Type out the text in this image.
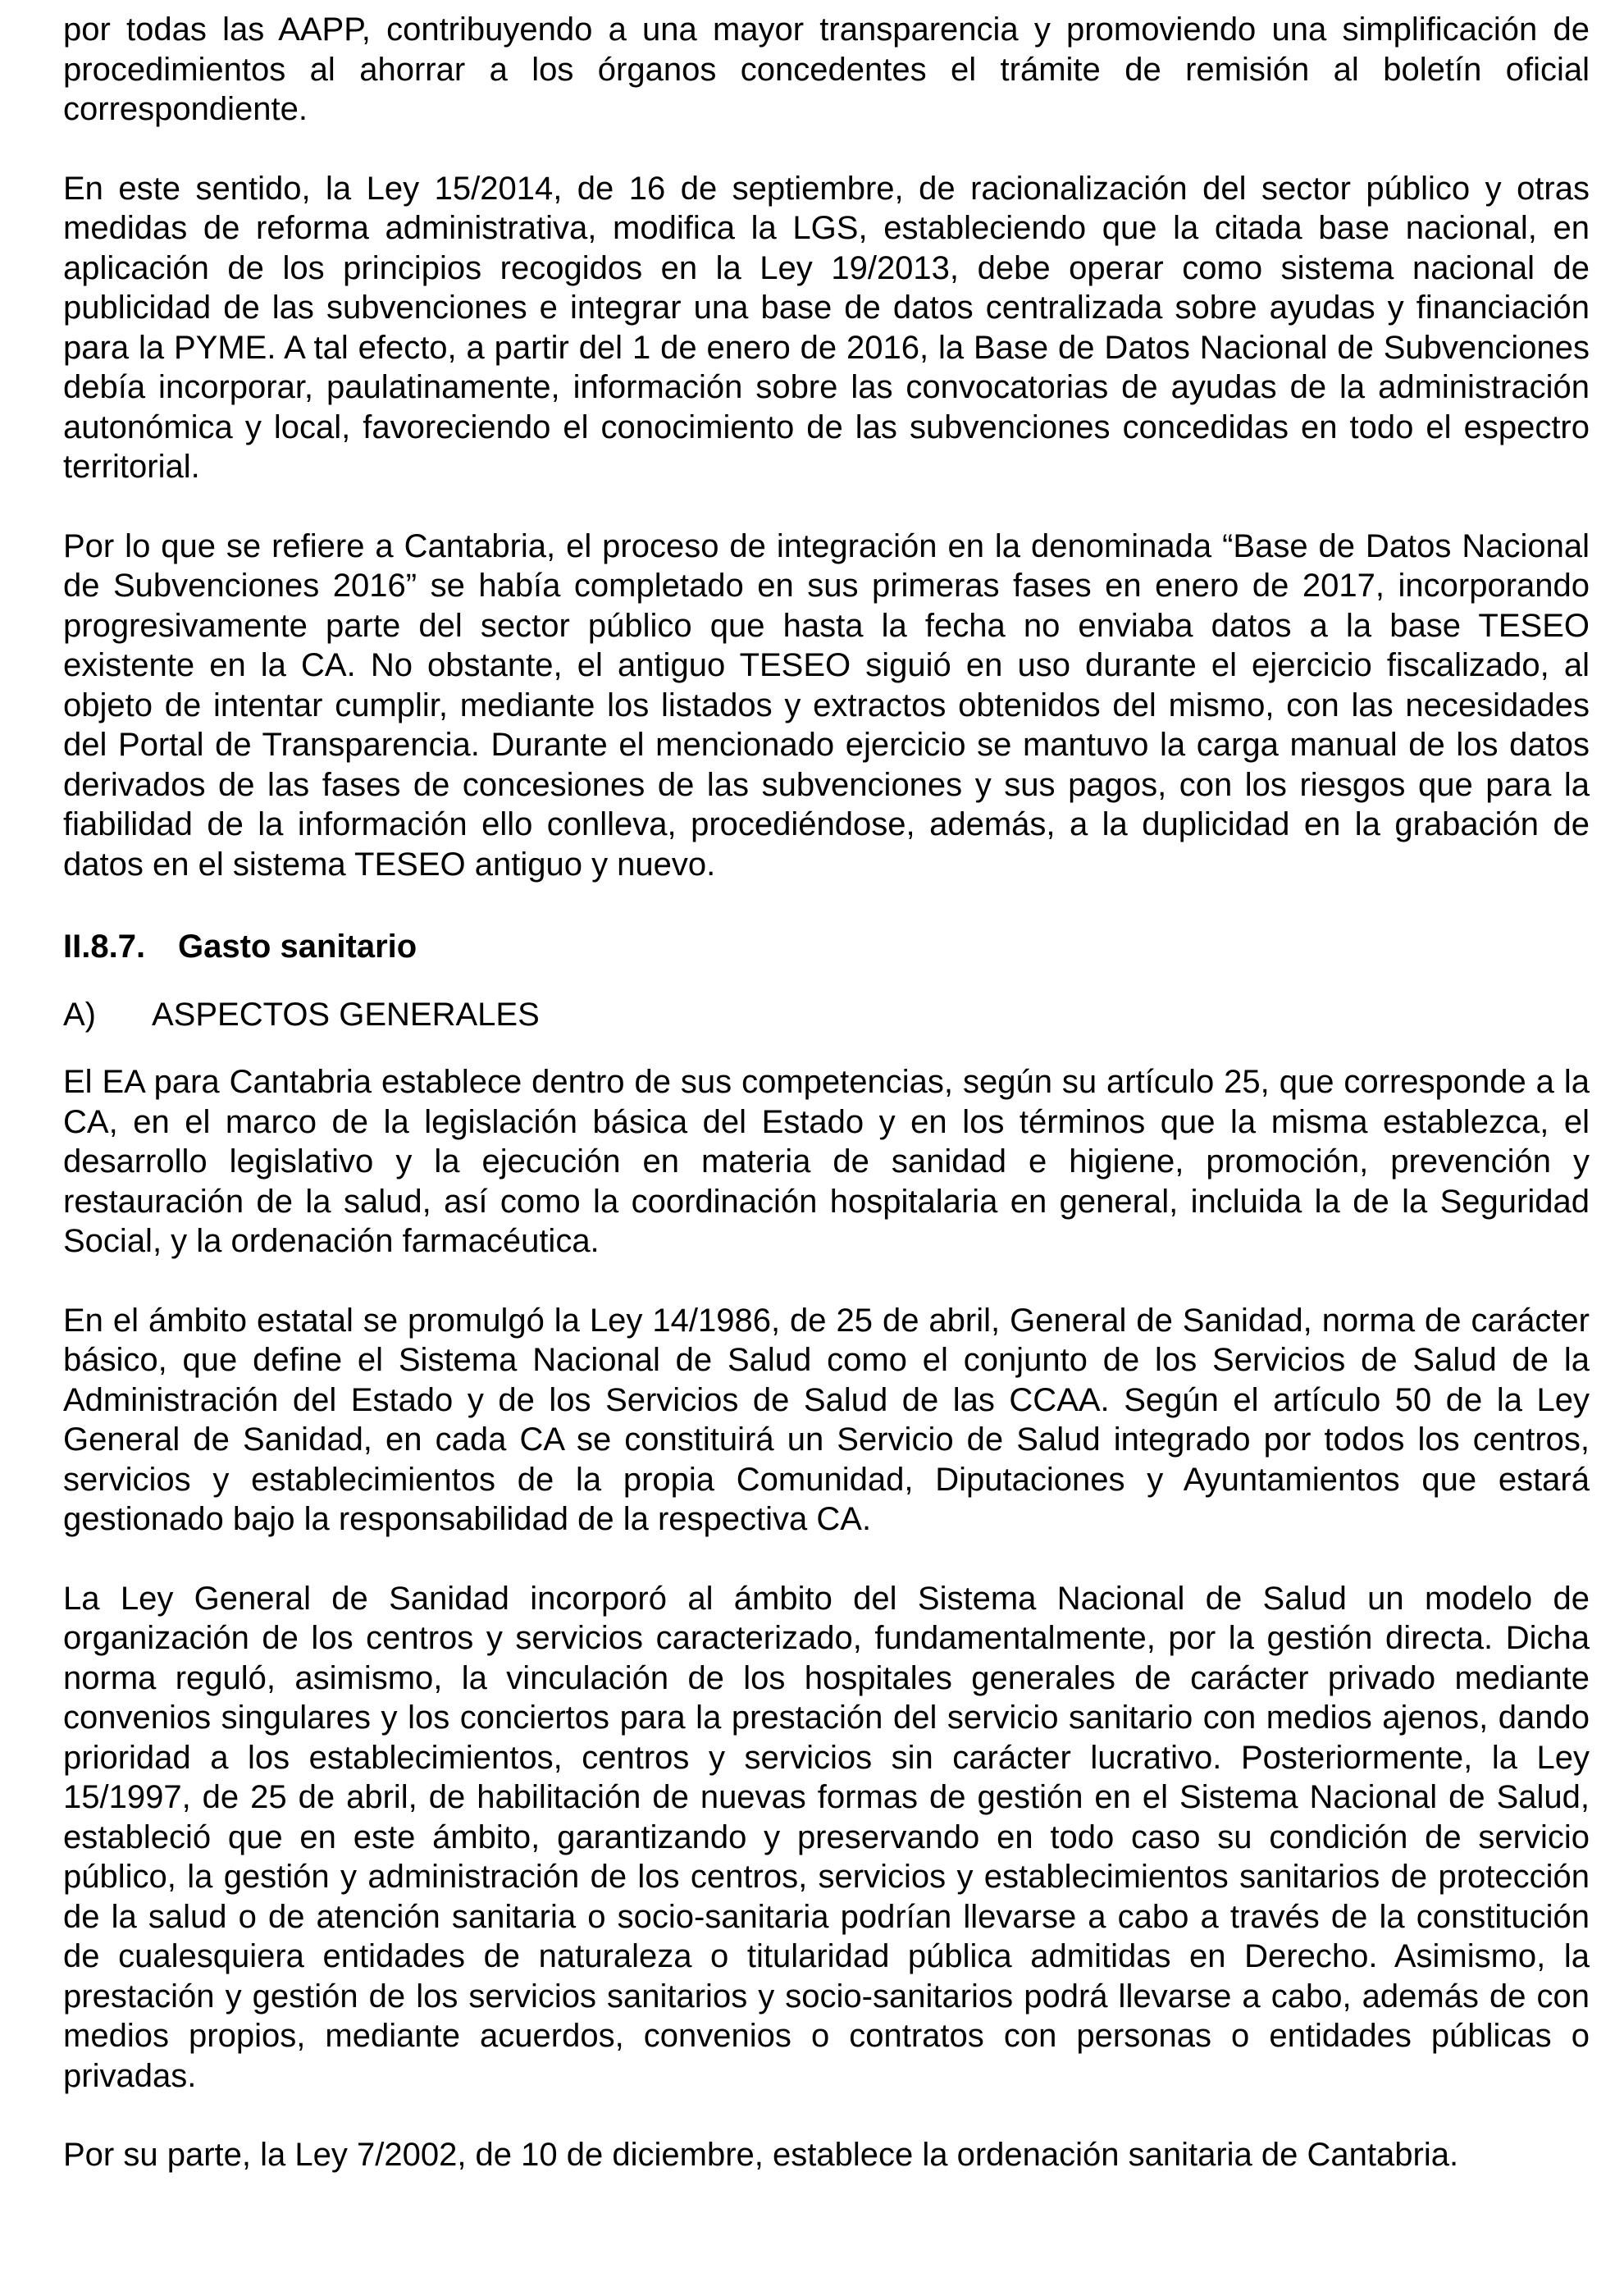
por todas las AAPP, contribuyendo a una mayor transparencia y promoviendo una simplificación de procedimientos al ahorrar a los órganos concedentes el trámite de remisión al boletín oficial correspondiente.

En este sentido, la Ley 15/2014, de 16 de septiembre, de racionalización del sector público y otras medidas de reforma administrativa, modifica la LGS, estableciendo que la citada base nacional, en aplicación de los principios recogidos en la Ley 19/2013, debe operar como sistema nacional de publicidad de las subvenciones e integrar una base de datos centralizada sobre ayudas y financiación para la PYME. A tal efecto, a partir del 1 de enero de 2016, la Base de Datos Nacional de Subvenciones debía incorporar, paulatinamente, información sobre las convocatorias de ayudas de la administración autonómica y local, favoreciendo el conocimiento de las subvenciones concedidas en todo el espectro territorial.

Por lo que se refiere a Cantabria, el proceso de integración en la denominada “Base de Datos Nacional de Subvenciones 2016” se había completado en sus primeras fases en enero de 2017, incorporando progresivamente parte del sector público que hasta la fecha no enviaba datos a la base TESEO existente en la CA. No obstante, el antiguo TESEO siguió en uso durante el ejercicio fiscalizado, al objeto de intentar cumplir, mediante los listados y extractos obtenidos del mismo, con las necesidades del Portal de Transparencia. Durante el mencionado ejercicio se mantuvo la carga manual de los datos derivados de las fases de concesiones de las subvenciones y sus pagos, con los riesgos que para la fiabilidad de la información ello conlleva, procediéndose, además, a la duplicidad en la grabación de datos en el sistema TESEO antiguo y nuevo.

II.8.7. Gasto sanitario
A) ASPECTOS GENERALES

El EA para Cantabria establece dentro de sus competencias, según su artículo 25, que corresponde a la CA, en el marco de la legislación básica del Estado y en los términos que la misma establezca, el desarrollo legislativo y la ejecución en materia de sanidad e higiene, promoción, prevención y restauración de la salud, así como la coordinación hospitalaria en general, incluida la de la Seguridad Social, y la ordenación farmacéutica.

En el ámbito estatal se promulgó la Ley 14/1986, de 25 de abril, General de Sanidad, norma de carácter básico, que define el Sistema Nacional de Salud como el conjunto de los Servicios de Salud de la Administración del Estado y de los Servicios de Salud de las CCAA. Según el artículo 50 de la Ley General de Sanidad, en cada CA se constituirá un Servicio de Salud integrado por todos los centros, servicios y establecimientos de la propia Comunidad, Diputaciones y Ayuntamientos que estará gestionado bajo la responsabilidad de la respectiva CA.

La Ley General de Sanidad incorporó al ámbito del Sistema Nacional de Salud un modelo de organización de los centros y servicios caracterizado, fundamentalmente, por la gestión directa. Dicha norma reguló, asimismo, la vinculación de los hospitales generales de carácter privado mediante convenios singulares y los conciertos para la prestación del servicio sanitario con medios ajenos, dando prioridad a los establecimientos, centros y servicios sin carácter lucrativo. Posteriormente, la Ley 15/1997, de 25 de abril, de habilitación de nuevas formas de gestión en el Sistema Nacional de Salud, estableció que en este ámbito, garantizando y preservando en todo caso su condición de servicio público, la gestión y administración de los centros, servicios y establecimientos sanitarios de protección de la salud o de atención sanitaria o socio-sanitaria podrían llevarse a cabo a través de la constitución de cualesquiera entidades de naturaleza o titularidad pública admitidas en Derecho. Asimismo, la prestación y gestión de los servicios sanitarios y socio-sanitarios podrá llevarse a cabo, además de con medios propios, mediante acuerdos, convenios o contratos con personas o entidades públicas o privadas.

Por su parte, la Ley 7/2002, de 10 de diciembre, establece la ordenación sanitaria de Cantabria.
